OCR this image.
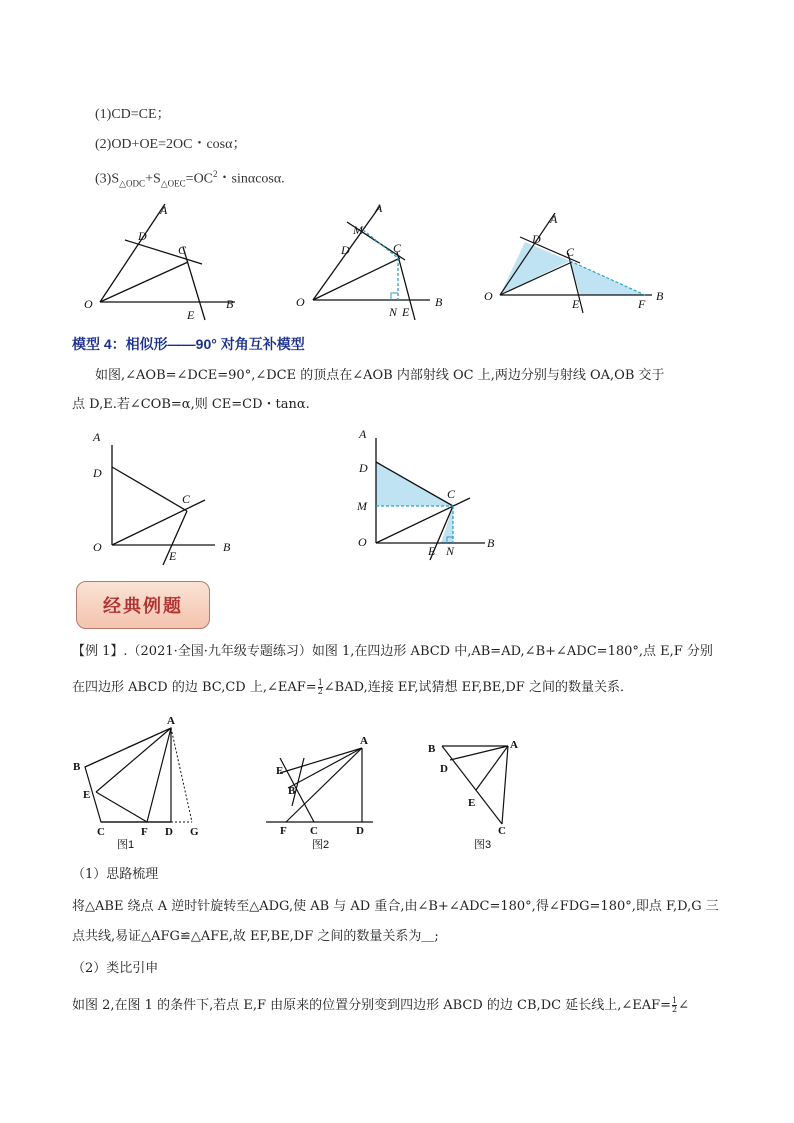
(1)CD=CE；
(2)OD+OE=2OC・cosα；
$(3)S_{\triangle ODC}+S_{\triangle OEC}=OC^2$・sinαcosα.
O
A
D
C
E
B	O
A
M
D	C
N E
B	O
A
D
C
E	F
B
模型 4：相似形——90° 对角互补模型
如图,∠AOB=∠DCE=90°,∠DCE 的顶点在∠AOB 内部射线 OC 上,两边分别与射线 OA,OB 交于
点 D,E.若∠COB=α,则 CE=CD・tanα.
A
D
C
O
E
B
A
D
M
C
O
E N
B
经典例题
【例 1】.（2021·全国·九年级专题练习）如图 1,在四边形 ABCD 中,AB=AD,∠B+∠ADC=180°,点 E,F 分别
在四边形 ABCD 的边 BC,CD 上,∠EAF= $\frac{1}{2}$ ∠BAD,连接 EF,试猜想 EF,BE,DF 之间的数量关系．
A
B
E
C	F D G
图1
A
E
B
F C	D
图2
B	A
D
E
C
图3
（1）思路梳理
将△ABE 绕点 A 逆时针旋转至△ADG,使 AB 与 AD 重合,由∠B+∠ADC=180°,得∠FDG=180°,即点 F,D,G 三
点共线,易证△AFG≌△AFE,故 EF,BE,DF 之间的数量关系为＿;
（2）类比引申
如图 2,在图 1 的条件下,若点 E,F 由原来的位置分别变到四边形 ABCD 的边 CB,DC 延长线上,∠EAF= $\frac{1}{2}$ ∠
